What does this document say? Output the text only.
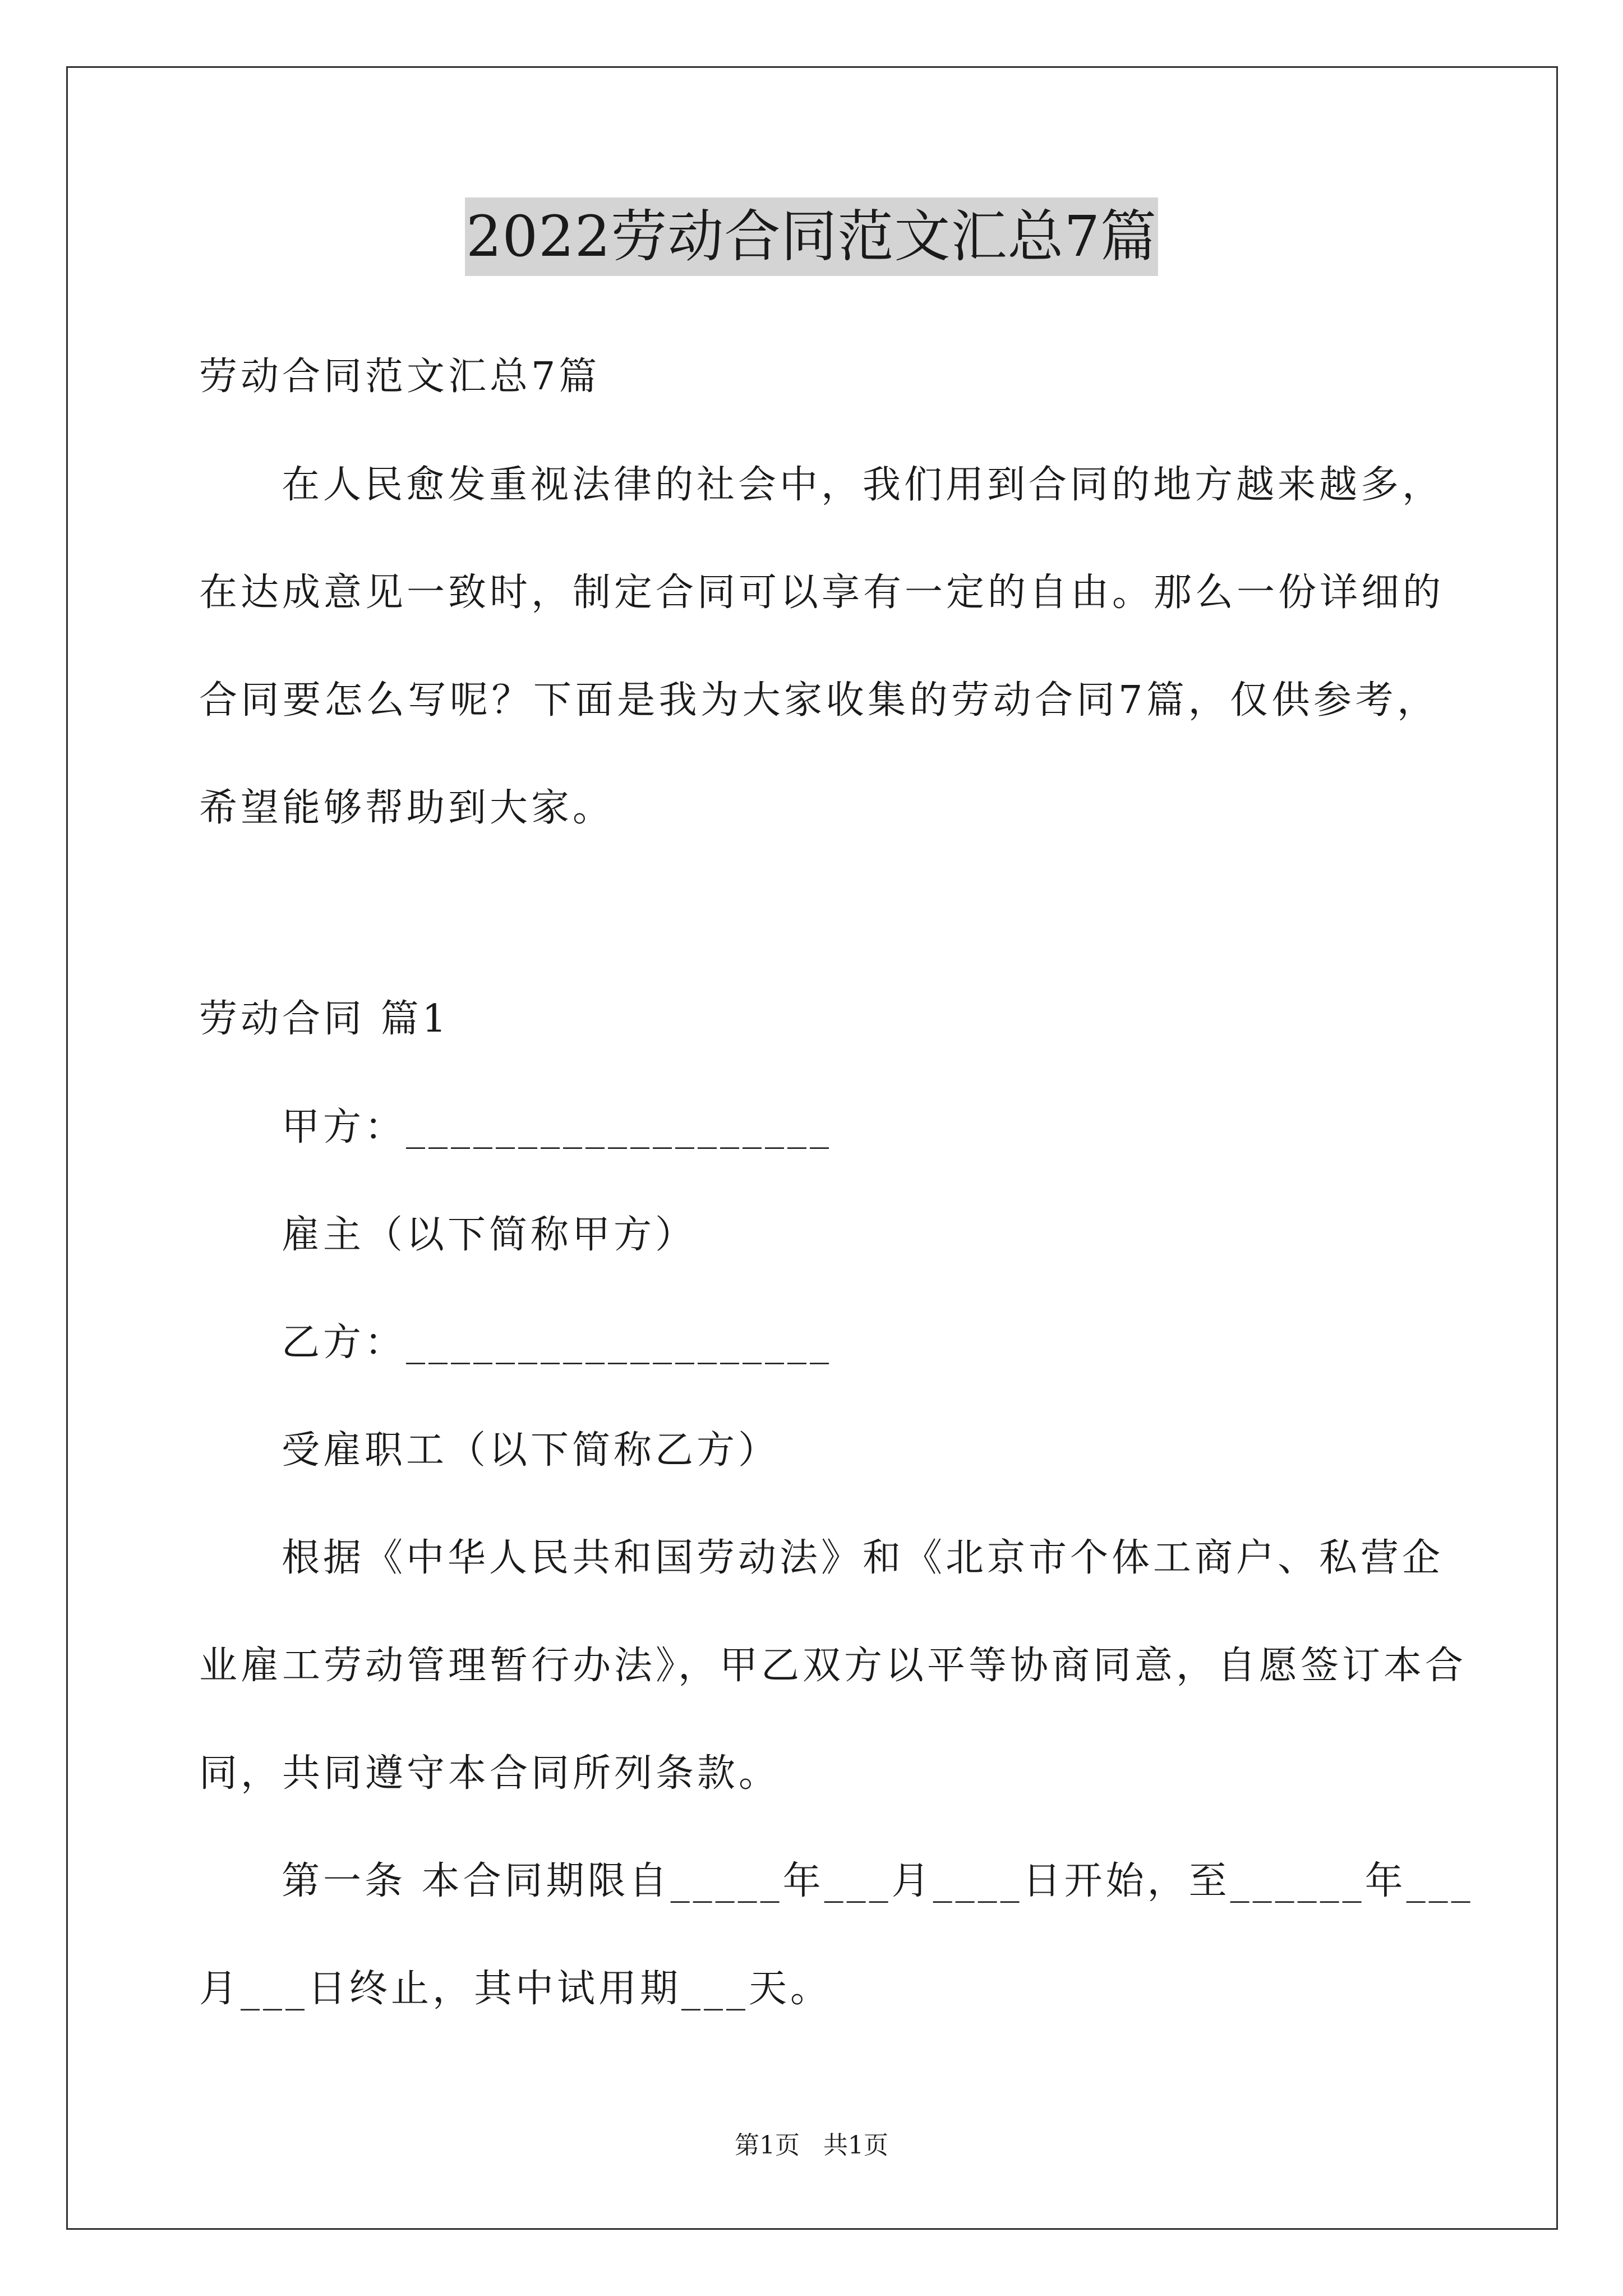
2022劳动合同范文汇总7篇
劳动合同范文汇总7篇
在人民愈发重视法律的社会中，我们用到合同的地方越来越多，
在达成意见一致时，制定合同可以享有一定的自由。那么一份详细的
合同要怎么写呢？下面是我为大家收集的劳动合同7篇，仅供参考，
希望能够帮助到大家。
劳动合同 篇1
甲方：___________________
雇主（以下简称甲方）
乙方：___________________
受雇职工（以下简称乙方）
根据《中华人民共和国劳动法》和《北京市个体工商户、私营企
业雇工劳动管理暂行办法》，甲乙双方以平等协商同意，自愿签订本合
同，共同遵守本合同所列条款。
第一条 本合同期限自_____年___月____日开始，至______年___
月___日终止，其中试用期___天。
第1页   共1页
